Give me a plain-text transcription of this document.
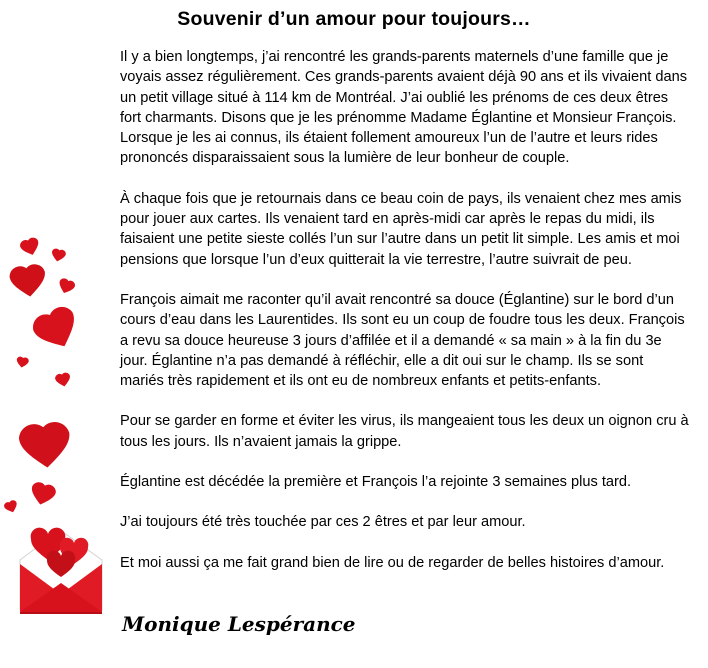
Souvenir d’un amour pour toujours…

Il y a bien longtemps, j’ai rencontré les grands-parents maternels d’une famille que je voyais assez régulièrement. Ces grands-parents avaient déjà 90 ans et ils vivaient dans un petit village situé à 114 km de Montréal. J’ai oublié les prénoms de ces deux êtres fort charmants. Disons que je les prénomme Madame Églantine et Monsieur François. Lorsque je les ai connus, ils étaient follement amoureux l’un de l’autre et leurs rides prononcés disparaissaient sous la lumière de leur bonheur de couple.

À chaque fois que je retournais dans ce beau coin de pays, ils venaient chez mes amis pour jouer aux cartes. Ils venaient tard en après-midi car après le repas du midi, ils faisaient une petite sieste collés l’un sur l’autre dans un petit lit simple. Les amis et moi pensions que lorsque l’un d’eux quitterait la vie terrestre, l’autre suivrait de peu.

François aimait me raconter qu’il avait rencontré sa douce (Églantine) sur le bord d’un cours d’eau dans les Laurentides. Ils sont eu un coup de foudre tous les deux. François a revu sa douce heureuse 3 jours d’affilée et il a demandé « sa main » à la fin du 3e jour. Églantine n’a pas demandé à réfléchir, elle a dit oui sur le champ. Ils se sont mariés très rapidement et ils ont eu de nombreux enfants et petits-enfants.

Pour se garder en forme et éviter les virus, ils mangeaient tous les deux un oignon cru à tous les jours. Ils n’avaient jamais la grippe.

Églantine est décédée la première et François l’a rejointe 3 semaines plus tard.

J’ai toujours été très touchée par ces 2 êtres et par leur amour.

Et moi aussi ça me fait grand bien de lire ou de regarder de belles histoires d’amour.

Monique Lespérance
